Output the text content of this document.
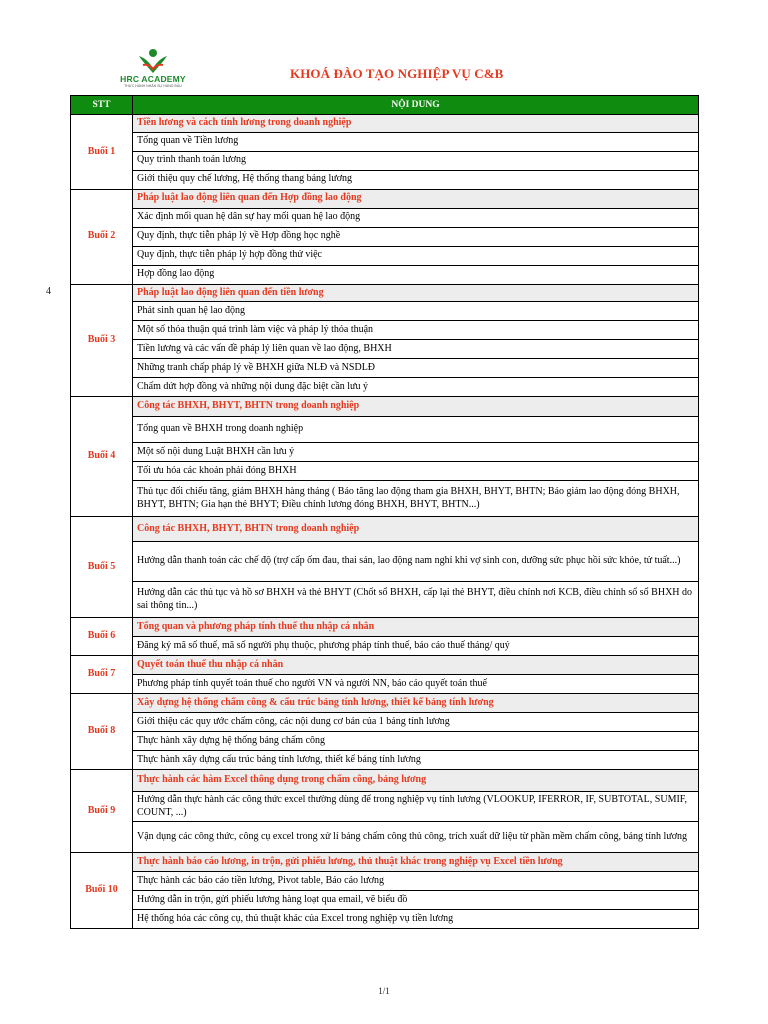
HRC ACADEMY
THỰC HÀNH NHÂN SỰ HÀNG ĐẦU
KHOÁ ĐÀO TẠO NGHIỆP VỤ C&B
4
STT	NỘI DUNG
Buổi 1	Tiền lương và cách tính lương trong doanh nghiệp
	Tổng quan về Tiền lương
	Quy trình thanh toán lương
	Giới thiệu quy chế lương, Hệ thống thang bảng lương
Buổi 2	Pháp luật lao động liên quan đến Hợp đồng lao động
	Xác định mối quan hệ dân sự hay mối quan hệ lao động
	Quy định, thực tiễn pháp lý về Hợp đồng học nghề
	Quy định, thực tiễn pháp lý hợp đồng thử việc
	Hợp đồng lao động
Buổi 3	Pháp luật lao động liên quan đến tiền lương
	Phát sinh quan hệ lao động
	Một số thỏa thuận quá trình làm việc và pháp lý thỏa thuận
	Tiền lương và các vấn đề pháp lý liên quan về lao động, BHXH
	Những tranh chấp pháp lý về BHXH giữa NLĐ và NSDLĐ
	Chấm dứt hợp đồng và những nội dung đặc biệt cần lưu ý
Buổi 4	Công tác BHXH, BHYT, BHTN trong doanh nghiệp
	Tổng quan về BHXH trong doanh nghiệp
	Một số nội dung Luật BHXH cần lưu ý
	Tối ưu hóa các khoản phải đóng BHXH
	Thủ tục đối chiếu tăng, giảm BHXH hàng tháng ( Báo tăng lao động tham gia BHXH, BHYT, BHTN; Báo giảm lao động đóng BHXH, BHYT, BHTN; Gia hạn thẻ BHYT; Điều chỉnh lương đóng BHXH, BHYT, BHTN...)
Buổi 5	Công tác BHXH, BHYT, BHTN trong doanh nghiệp
	Hướng dẫn thanh toán các chế độ (trợ cấp ốm đau, thai sản, lao động nam nghỉ khi vợ sinh con, dưỡng sức phục hồi sức khỏe, tử tuất...)
	Hướng dẫn các thủ tục và hồ sơ BHXH và thẻ BHYT (Chốt sổ BHXH, cấp lại thẻ BHYT, điều chỉnh nơi KCB, điều chỉnh sổ sổ BHXH do sai thông tin...)
Buổi 6	Tổng quan và phương pháp tính thuế thu nhập cá nhân
	Đăng ký mã số thuế, mã số người phụ thuộc, phương pháp tính thuế, báo cáo thuế tháng/ quý
Buổi 7	Quyết toán thuế thu nhập cá nhân
	Phương pháp tính quyết toán thuế cho người VN và người NN, báo cáo quyết toán thuế
Buổi 8	Xây dựng hệ thống chấm công & cấu trúc bảng tính lương, thiết kế bảng tính lương
	Giới thiệu các quy ước chấm công, các nội dung cơ bản của 1 bảng tính lương
	Thực hành xây dựng hệ thống bảng chấm công
	Thực hành xây dựng cấu trúc bảng tính lương, thiết kế bảng tính lương
Buổi 9	Thực hành các hàm Excel thông dụng trong chấm công, bảng lương
	Hướng dẫn thực hành các công thức excel thường dùng để trong nghiệp vụ tính lương (VLOOKUP, IFERROR, IF, SUBTOTAL, SUMIF, COUNT, ...)
	Vận dụng các công thức, công cụ excel trong xử lí bảng chấm công thủ công, trích xuất dữ liệu từ phần mềm chấm công, bảng tính lương
Buổi 10	Thực hành báo cáo lương, in trộn, gửi phiếu lương, thủ thuật khác trong nghiệp vụ Excel tiền lương
	Thực hành các báo cáo tiền lương, Pivot table, Báo cáo lương
	Hướng dẫn in trộn, gửi phiếu lương hàng loạt qua email, vẽ biểu đồ
	Hệ thống hóa các công cụ, thủ thuật khác của Excel trong nghiệp vụ tiền lương
1/1
